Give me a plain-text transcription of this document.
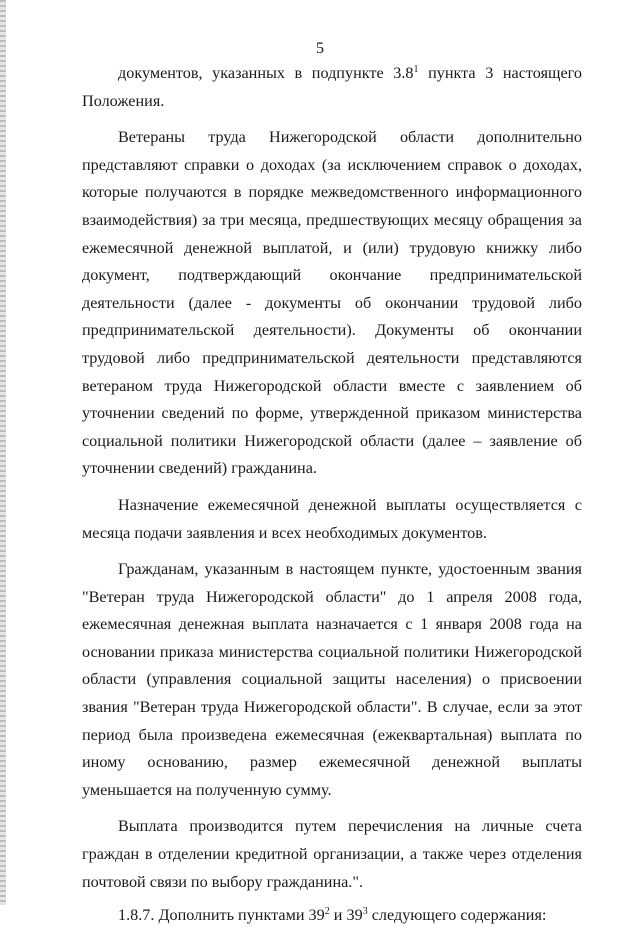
5

документов, указанных в подпункте $3.8^1$ пункта 3 настоящего Положения.

Ветераны труда Нижегородской области дополнительно представляют справки о доходах (за исключением справок о доходах, которые получаются в порядке межведомственного информационного взаимодействия) за три месяца, предшествующих месяцу обращения за ежемесячной денежной выплатой, и (или) трудовую книжку либо документ, подтверждающий окончание предпринимательской деятельности (далее - документы об окончании трудовой либо предпринимательской деятельности). Документы об окончании трудовой либо предпринимательской деятельности представляются ветераном труда Нижегородской области вместе с заявлением об уточнении сведений по форме, утвержденной приказом министерства социальной политики Нижегородской области (далее – заявление об уточнении сведений) гражданина.

Назначение ежемесячной денежной выплаты осуществляется с месяца подачи заявления и всех необходимых документов.

Гражданам, указанным в настоящем пункте, удостоенным звания "Ветеран труда Нижегородской области" до 1 апреля 2008 года, ежемесячная денежная выплата назначается с 1 января 2008 года на основании приказа министерства социальной политики Нижегородской области (управления социальной защиты населения) о присвоении звания "Ветеран труда Нижегородской области". В случае, если за этот период была произведена ежемесячная (ежеквартальная) выплата по иному основанию, размер ежемесячной денежной выплаты уменьшается на полученную сумму.

Выплата производится путем перечисления на личные счета граждан в отделении кредитной организации, а также через отделения почтовой связи по выбору гражданина.".

1.8.7. Дополнить пунктами $39^2$ и $39^3$ следующего содержания:
